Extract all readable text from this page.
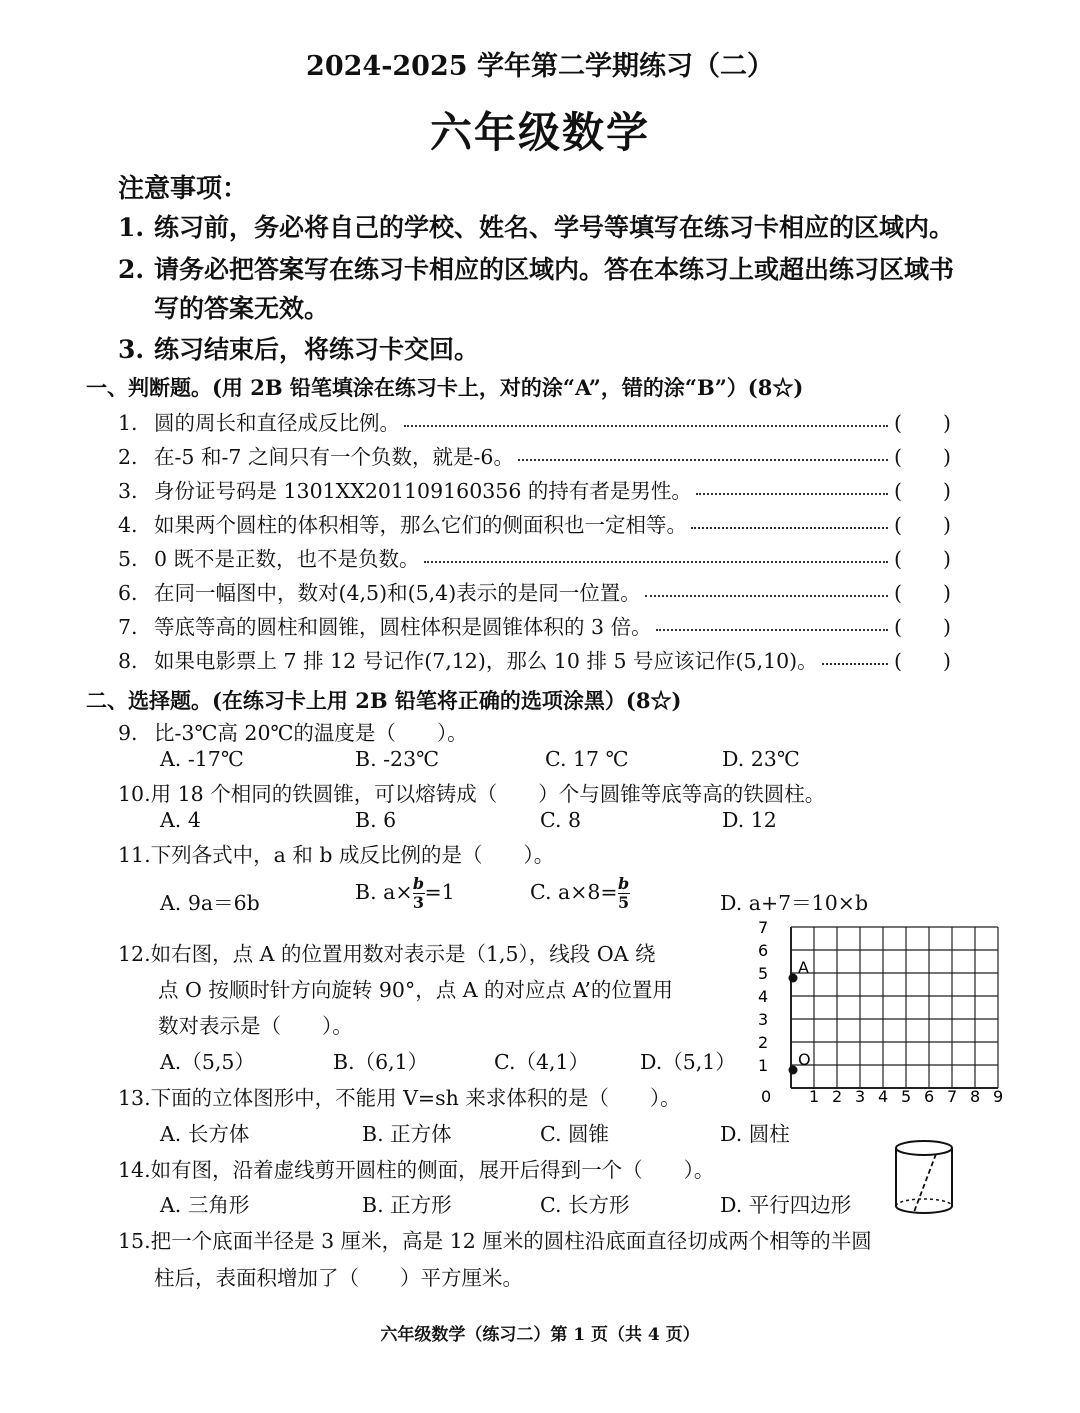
2024-2025 学年第二学期练习（二）
六年级数学
注意事项：
1. 练习前，务必将自己的学校、姓名、学号等填写在练习卡相应的区域内。
2. 请务必把答案写在练习卡相应的区域内。答在本练习上或超出练习区域书
写的答案无效。
3. 练习结束后，将练习卡交回。
一、判断题。(用 2B 铅笔填涂在练习卡上，对的涂“A”，错的涂“B”）(8☆)
1. 圆的周长和直径成反比例。	(　　)
2. 在-5 和-7 之间只有一个负数，就是-6。	(　　)
3. 身份证号码是 1301XX201109160356 的持有者是男性。	(　　)
4. 如果两个圆柱的体积相等，那么它们的侧面积也一定相等。	(　　)
5. 0 既不是正数，也不是负数。	(　　)
6. 在同一幅图中，数对(4,5)和(5,4)表示的是同一位置。	(　　)
7. 等底等高的圆柱和圆锥，圆柱体积是圆锥体积的 3 倍。	(　　)
8. 如果电影票上 7 排 12 号记作(7,12)，那么 10 排 5 号应该记作(5,10)。	(　　)
二、选择题。(在练习卡上用 2B 铅笔将正确的选项涂黑）(8☆)
9. 比-3℃高 20℃的温度是（　　）。
A. -17℃	B. -23℃	C. 17 ℃	D. 23℃
10.用 18 个相同的铁圆锥，可以熔铸成（　　）个与圆锥等底等高的铁圆柱。
A. 4	B. 6	C. 8	D. 12
11.下列各式中，a 和 b 成反比例的是（　　）。
A. 9a＝6b	B. $a\times \frac{b}{3} =1$	C. $a\times 8= \frac{b}{5}$	D. a+7＝10×b
12.如右图，点 A 的位置用数对表示是（1,5），线段 OA 绕
点 O 按顺时针方向旋转 90°，点 A 的对应点 A’的位置用
数对表示是（　　）。
A.（5,5）	B.（6,1）	C.（4,1） D.（5,1）
0 1 2 3 4 5 6 7 8 9
1
2
3
4
5
6
7
A
O
13.下面的立体图形中，不能用 V=sh 来求体积的是（　　）。
A. 长方体	B. 正方体	C. 圆锥	D. 圆柱
14.如有图，沿着虚线剪开圆柱的侧面，展开后得到一个（　　）。
A. 三角形	B. 正方形	C. 长方形	D. 平行四边形
15.把一个底面半径是 3 厘米，高是 12 厘米的圆柱沿底面直径切成两个相等的半圆
柱后，表面积增加了（　　）平方厘米。
六年级数学（练习二）第 1 页（共 4 页）
